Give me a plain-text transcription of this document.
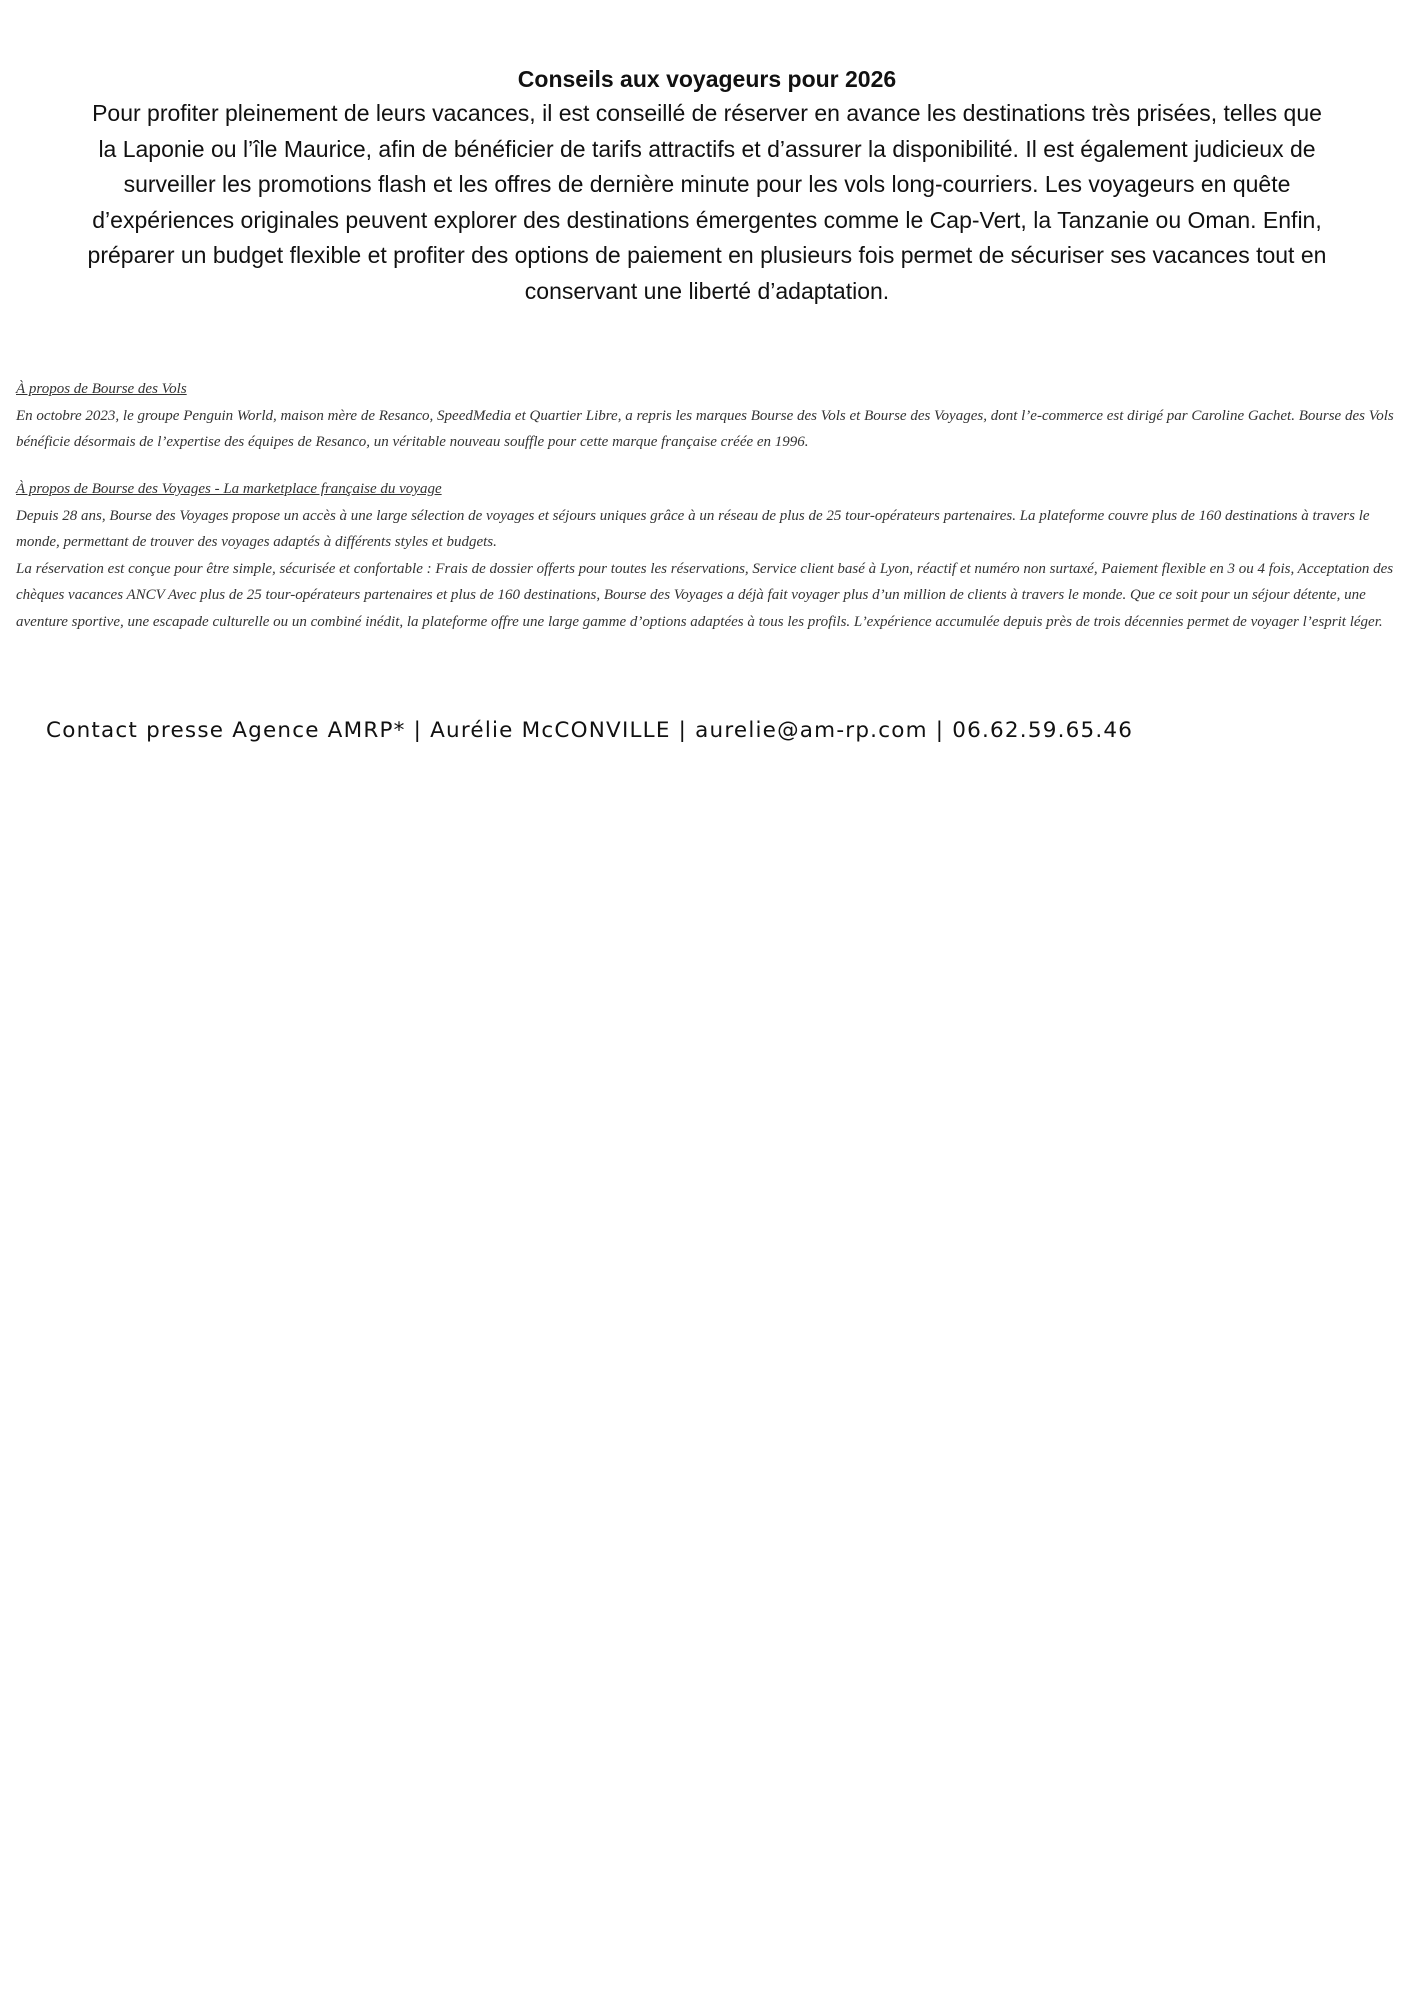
Conseils aux voyageurs pour 2026

Pour profiter pleinement de leurs vacances, il est conseillé de réserver en avance les destinations très prisées, telles que la Laponie ou l’île Maurice, afin de bénéficier de tarifs attractifs et d’assurer la disponibilité. Il est également judicieux de surveiller les promotions flash et les offres de dernière minute pour les vols long-courriers. Les voyageurs en quête d’expériences originales peuvent explorer des destinations émergentes comme le Cap-Vert, la Tanzanie ou Oman. Enfin, préparer un budget flexible et profiter des options de paiement en plusieurs fois permet de sécuriser ses vacances tout en conservant une liberté d’adaptation.

À propos de Bourse des Vols

En octobre 2023, le groupe Penguin World, maison mère de Resanco, SpeedMedia et Quartier Libre, a repris les marques Bourse des Vols et Bourse des Voyages, dont l’e-commerce est dirigé par Caroline Gachet. Bourse des Vols bénéficie désormais de l’expertise des équipes de Resanco, un véritable nouveau souffle pour cette marque française créée en 1996.

À propos de Bourse des Voyages - La marketplace française du voyage

Depuis 28 ans, Bourse des Voyages propose un accès à une large sélection de voyages et séjours uniques grâce à un réseau de plus de 25 tour-opérateurs partenaires. La plateforme couvre plus de 160 destinations à travers le monde, permettant de trouver des voyages adaptés à différents styles et budgets.

La réservation est conçue pour être simple, sécurisée et confortable : Frais de dossier offerts pour toutes les réservations, Service client basé à Lyon, réactif et numéro non surtaxé, Paiement flexible en 3 ou 4 fois, Acceptation des chèques vacances ANCV Avec plus de 25 tour-opérateurs partenaires et plus de 160 destinations, Bourse des Voyages a déjà fait voyager plus d’un million de clients à travers le monde. Que ce soit pour un séjour détente, une aventure sportive, une escapade culturelle ou un combiné inédit, la plateforme offre une large gamme d’options adaptées à tous les profils. L’expérience accumulée depuis près de trois décennies permet de voyager l’esprit léger.

Contact presse Agence AMRP* | Aurélie McCONVILLE | aurelie@am-rp.com | 06.62.59.65.46
